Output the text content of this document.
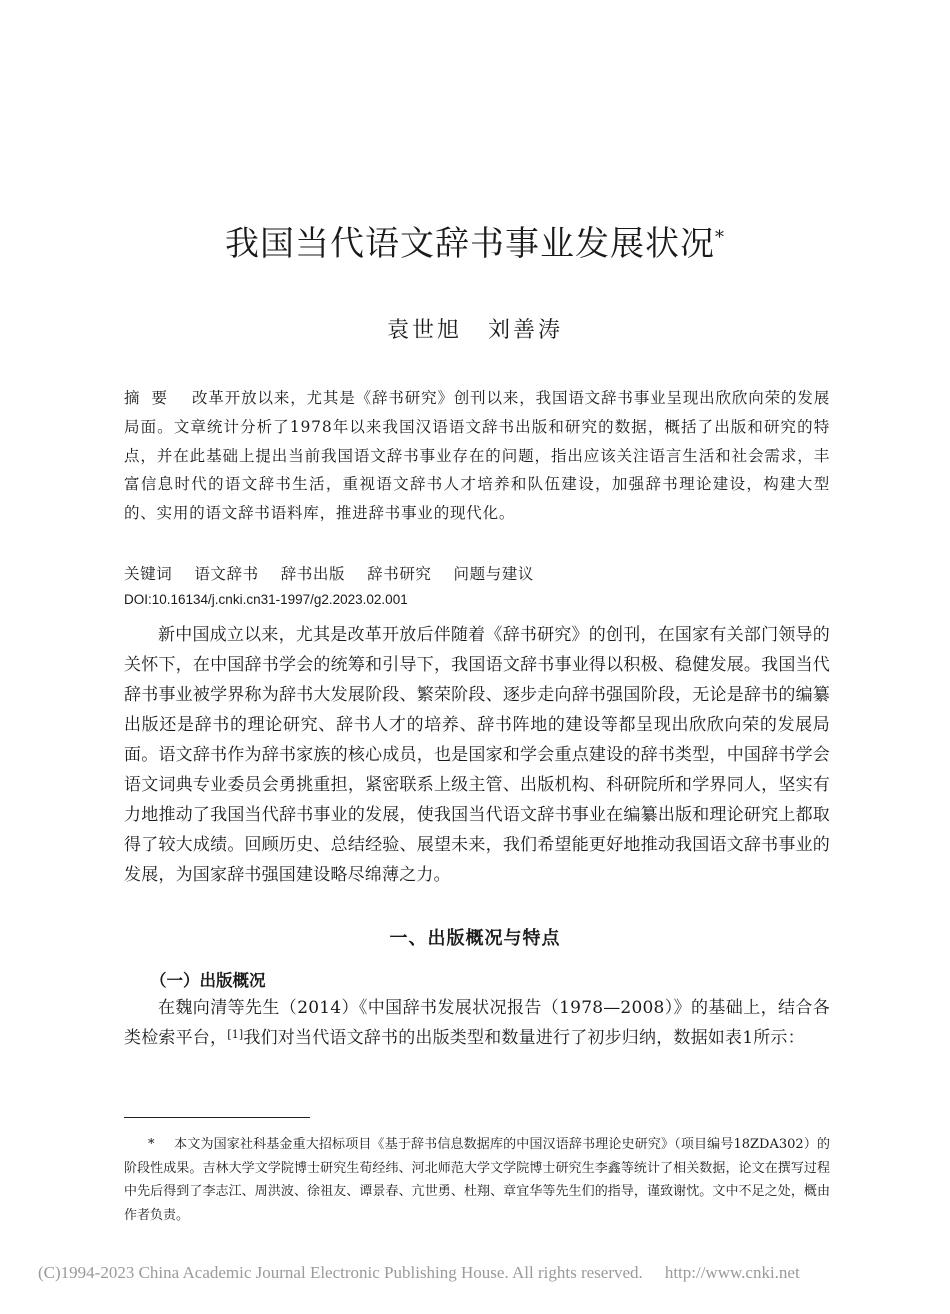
我国当代语文辞书事业发展状况*
袁世旭 刘善涛
摘要 改革开放以来，尤其是《辞书研究》创刊以来，我国语文辞书事业呈现出欣欣向荣的发展局面。文章统计分析了1978年以来我国汉语语文辞书出版和研究的数据，概括了出版和研究的特点，并在此基础上提出当前我国语文辞书事业存在的问题，指出应该关注语言生活和社会需求，丰富信息时代的语文辞书生活，重视语文辞书人才培养和队伍建设，加强辞书理论建设，构建大型的、实用的语文辞书语料库，推进辞书事业的现代化。
关键词 语文辞书 辞书出版 辞书研究 问题与建议
DOI:10.16134/j.cnki.cn31-1997/g2.2023.02.001

新中国成立以来，尤其是改革开放后伴随着《辞书研究》的创刊，在国家有关部门领导的关怀下，在中国辞书学会的统筹和引导下，我国语文辞书事业得以积极、稳健发展。我国当代辞书事业被学界称为辞书大发展阶段、繁荣阶段、逐步走向辞书强国阶段，无论是辞书的编纂出版还是辞书的理论研究、辞书人才的培养、辞书阵地的建设等都呈现出欣欣向荣的发展局面。语文辞书作为辞书家族的核心成员，也是国家和学会重点建设的辞书类型，中国辞书学会语文词典专业委员会勇挑重担，紧密联系上级主管、出版机构、科研院所和学界同人，坚实有力地推动了我国当代辞书事业的发展，使我国当代语文辞书事业在编纂出版和理论研究上都取得了较大成绩。回顾历史、总结经验、展望未来，我们希望能更好地推动我国语文辞书事业的发展，为国家辞书强国建设略尽绵薄之力。

一、出版概况与特点
（一）出版概况

在魏向清等先生（2014）《中国辞书发展状况报告（1978—2008）》的基础上，结合各类检索平台，[1]我们对当代语文辞书的出版类型和数量进行了初步归纳，数据如表1所示：

* 本文为国家社科基金重大招标项目《基于辞书信息数据库的中国汉语辞书理论史研究》（项目编号18ZDA302）的阶段性成果。吉林大学文学院博士研究生荀经纬、河北师范大学文学院博士研究生李鑫等统计了相关数据，论文在撰写过程中先后得到了李志江、周洪波、徐祖友、谭景春、亢世勇、杜翔、章宜华等先生们的指导，谨致谢忱。文中不足之处，概由作者负责。
(C)1994-2023 China Academic Journal Electronic Publishing House. All rights reserved. http://www.cnki.net
